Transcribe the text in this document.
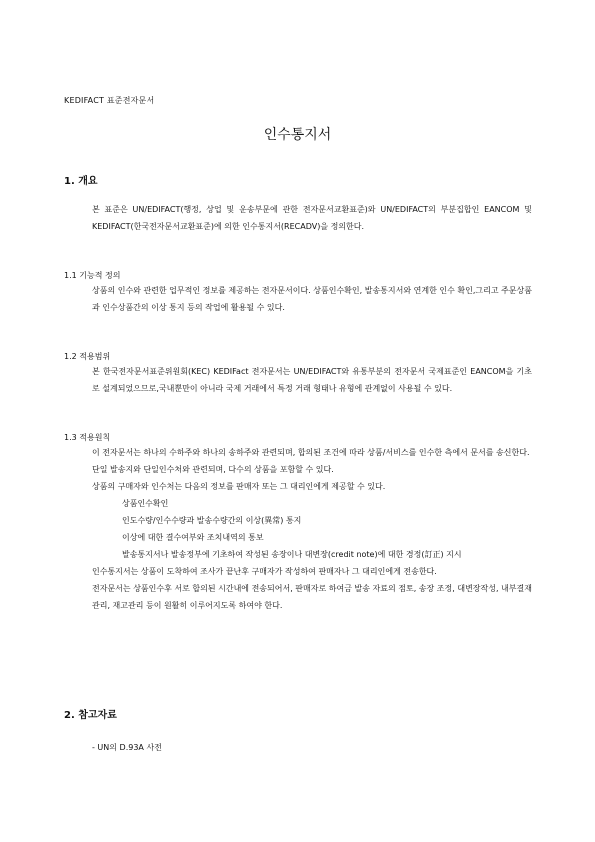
KEDIFACT 표준전자문서
인수통지서
1. 개요

본 표준은 UN/EDIFACT(행정, 상업 및 운송부문에 관한 전자문서교환표준)와 UN/EDIFACT의 부분집합인 EANCOM 및 KEDIFACT(한국전자문서교환표준)에 의한 인수통지서(RECADV)을 정의한다.

1.1 기능적 정의

상품의 인수와 관련한 업무적인 정보를 제공하는 전자문서이다. 상품인수확인, 발송통지서와 연계한 인수 확인,그리고 주문상품과 인수상품간의 이상 통지 등의 작업에 활용될 수 있다.

1.2 적용범위

본 한국전자문서표준위원회(KEC) KEDIFact 전자문서는 UN/EDIFACT와 유통부분의 전자문서 국제표준인 EANCOM을 기초로 설계되었으므로,국내뿐만이 아니라 국제 거래에서 특정 거래 형태나 유형에 관계없이 사용될 수 있다.

1.3 적용원칙

이 전자문서는 하나의 수하주와 하나의 송하주와 관련되며, 합의된 조건에 따라 상품/서비스를 인수한 측에서 문서를 송신한다.

단일 발송지와 단일인수처와 관련되며, 다수의 상품을 포함할 수 있다.

상품의 구매자와 인수처는 다음의 정보를 판매자 또는 그 대리인에게 제공할 수 있다.

상품인수확인

인도수량/인수수량과 발송수량간의 이상(異常) 통지

이상에 대한 결수여부와 조치내역의 통보

발송통지서나 발송정부에 기초하여 작성된 송장이나 대변장(credit note)에 대한 경정(訂正) 지시

인수통지서는 상품이 도착하여 조사가 끝난후 구매자가 작성하여 판매자나 그 대리인에게 전송한다.

전자문서는 상품인수후 서로 합의된 시간내에 전송되어서, 판매자로 하여금 발송 자료의 점토, 송장 조정, 대변장작성, 내부결재관리, 재고관리 등이 원활히 이루어지도록 하여야 한다.

2. 참고자료
- UN의 D.93A 사전
